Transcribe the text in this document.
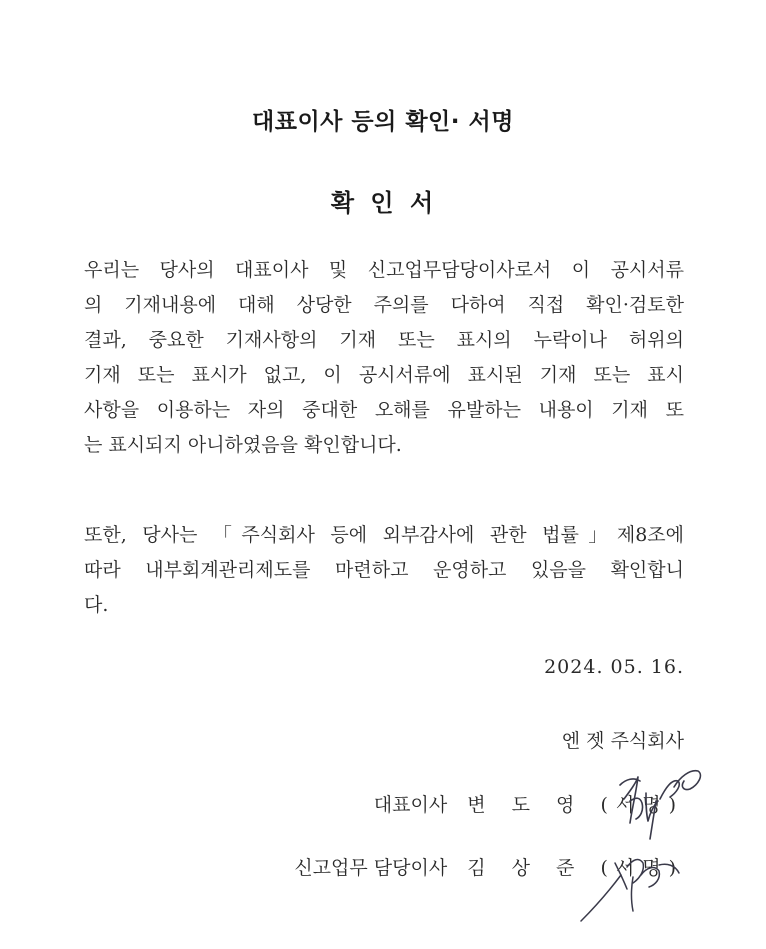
대표이사 등의 확인· 서명
확 인 서
우리는 당사의 대표이사 및 신고업무담당이사로서 이 공시서류
의 기재내용에 대해 상당한 주의를 다하여 직접 확인·검토한
결과, 중요한 기재사항의 기재 또는 표시의 누락이나 허위의
기재 또는 표시가 없고, 이 공시서류에 표시된 기재 또는 표시
사항을 이용하는 자의 중대한 오해를 유발하는 내용이 기재 또
는 표시되지 아니하였음을 확인합니다.
또한, 당사는 「주식회사 등에 외부감사에 관한 법률」제8조에
따라 내부회계관리제도를 마련하고 운영하고 있음을 확인합니
다.
2024. 05. 16.
엔 젯 주식회사
대표이사 변 도 영 (서명)
신고업무 담당이사 김 상 준 (서명)
